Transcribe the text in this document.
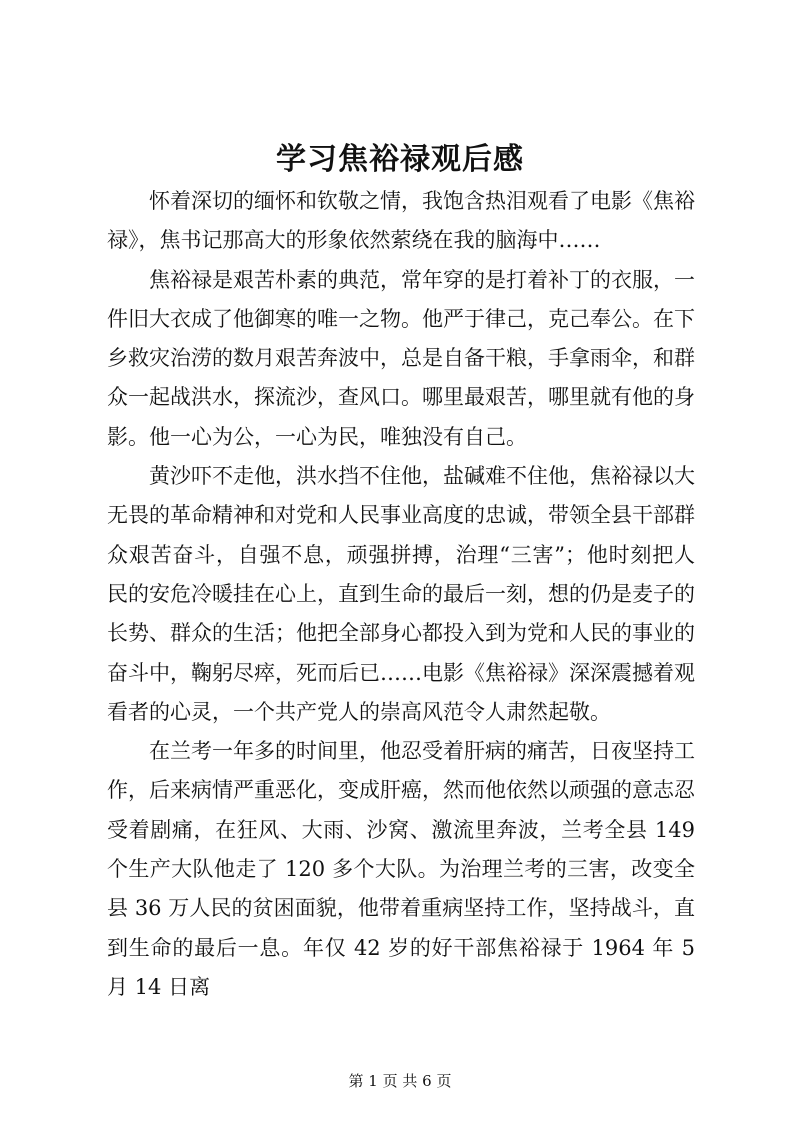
学习焦裕禄观后感

怀着深切的缅怀和钦敬之情，我饱含热泪观看了电影《焦裕禄》，焦书记那高大的形象依然萦绕在我的脑海中……

焦裕禄是艰苦朴素的典范，常年穿的是打着补丁的衣服，一件旧大衣成了他御寒的唯一之物。他严于律己，克己奉公。在下乡救灾治涝的数月艰苦奔波中，总是自备干粮，手拿雨伞，和群众一起战洪水，探流沙，查风口。哪里最艰苦，哪里就有他的身影。他一心为公，一心为民，唯独没有自己。

黄沙吓不走他，洪水挡不住他，盐碱难不住他，焦裕禄以大无畏的革命精神和对党和人民事业高度的忠诚，带领全县干部群众艰苦奋斗，自强不息，顽强拼搏，治理“三害”；他时刻把人民的安危冷暖挂在心上，直到生命的最后一刻，想的仍是麦子的长势、群众的生活；他把全部身心都投入到为党和人民的事业的奋斗中，鞠躬尽瘁，死而后已……电影《焦裕禄》深深震撼着观看者的心灵，一个共产党人的崇高风范令人肃然起敬。

在兰考一年多的时间里，他忍受着肝病的痛苦，日夜坚持工作，后来病情严重恶化，变成肝癌，然而他依然以顽强的意志忍受着剧痛，在狂风、大雨、沙窝、激流里奔波，兰考全县 149 个生产大队他走了 120 多个大队。为治理兰考的三害，改变全县 36 万人民的贫困面貌，他带着重病坚持工作，坚持战斗，直到生命的最后一息。年仅 42 岁的好干部焦裕禄于 1964 年 5 月 14 日离

第 1 页 共 6 页
